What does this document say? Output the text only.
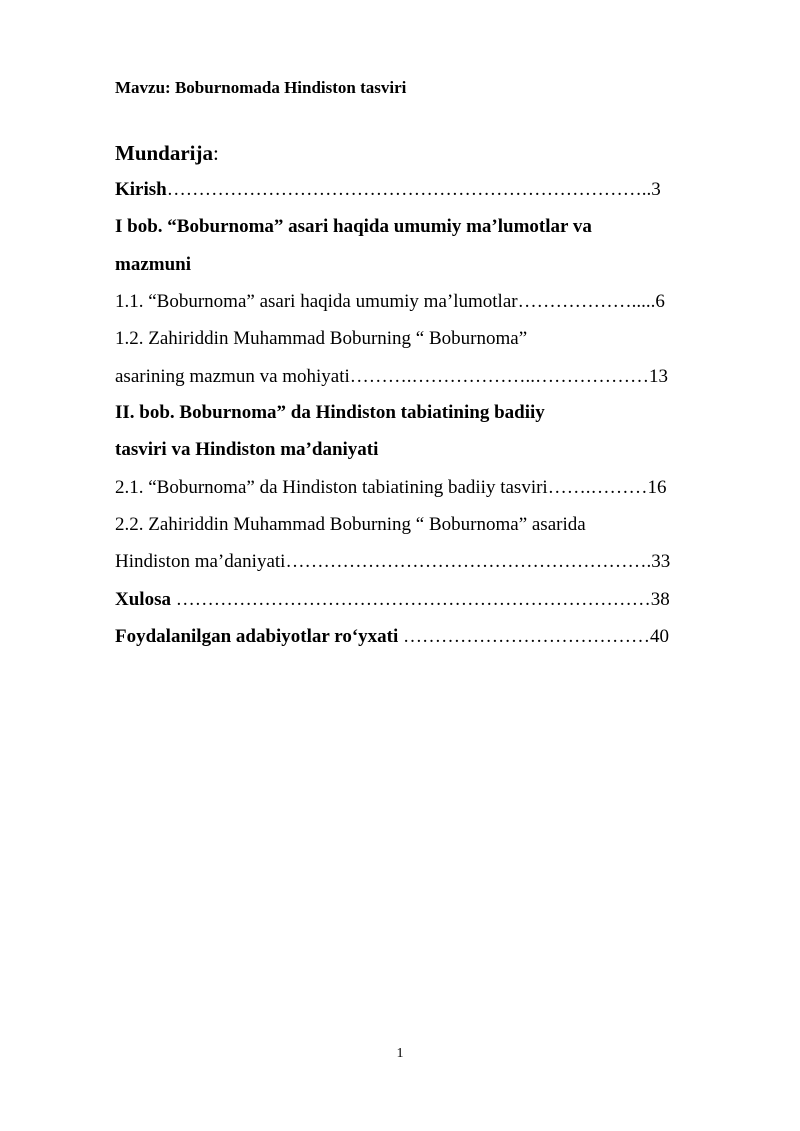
Mavzu: Boburnomada Hindiston tasviri
Mundarija:
Kirish…………………………………………………………………..3
I bob. “Boburnoma” asari haqida umumiy ma’lumotlar va
mazmuni
1.1. “Boburnoma” asari haqida umumiy ma’lumotlar……………….....6
1.2. Zahiriddin Muhammad Boburning “ Boburnoma”
asarining mazmun va mohiyati……….………………..………………13
II. bob. Boburnoma” da Hindiston tabiatining badiiy
tasviri va Hindiston ma’daniyati
2.1. “Boburnoma” da Hindiston tabiatining badiiy tasviri…….………16
2.2. Zahiriddin Muhammad Boburning “ Boburnoma” asarida
Hindiston ma’daniyati………………………………………………….33
Xulosa …………………………………………………………………38
Foydalanilgan adabiyotlar ro‘yxati …………………………………40
1
